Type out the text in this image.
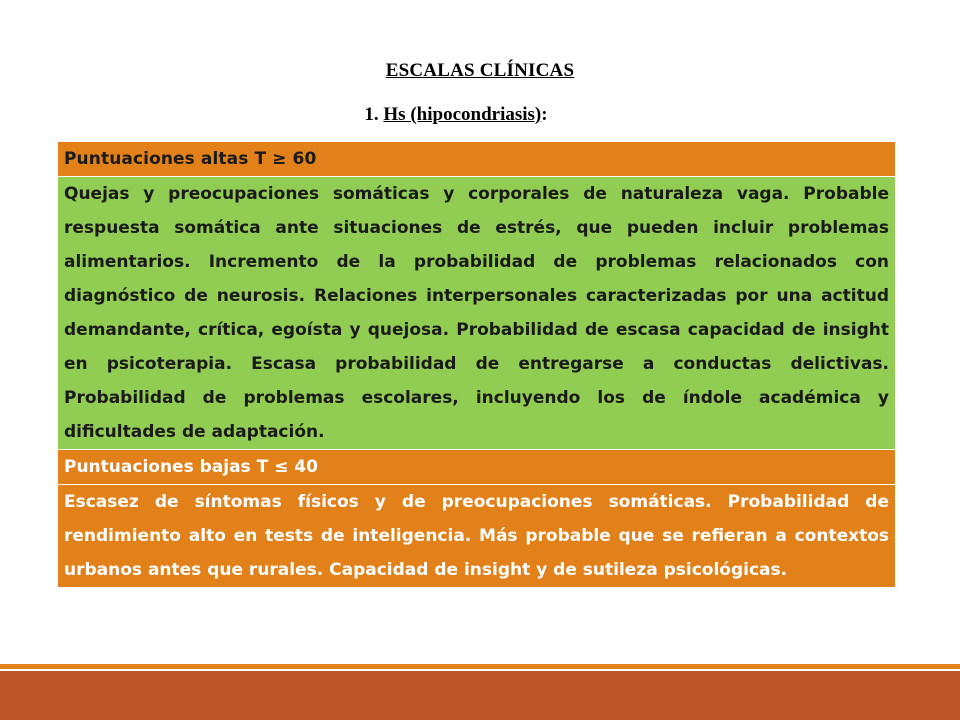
ESCALAS CLÍNICAS
1. Hs (hipocondriasis):
Puntuaciones altas T ≥ 60
Quejas y preocupaciones somáticas y corporales de naturaleza vaga. Probable respuesta somática ante situaciones de estrés, que pueden incluir problemas alimentarios. Incremento de la probabilidad de problemas relacionados con diagnóstico de neurosis. Relaciones interpersonales caracterizadas por una actitud demandante, crítica, egoísta y quejosa. Probabilidad de escasa capacidad de insight en psicoterapia. Escasa probabilidad de entregarse a conductas delictivas. Probabilidad de problemas escolares, incluyendo los de índole académica y dificultades de adaptación.
Puntuaciones bajas T ≤ 40
Escasez de síntomas físicos y de preocupaciones somáticas. Probabilidad de rendimiento alto en tests de inteligencia. Más probable que se refieran a contextos urbanos antes que rurales. Capacidad de insight y de sutileza psicológicas.
